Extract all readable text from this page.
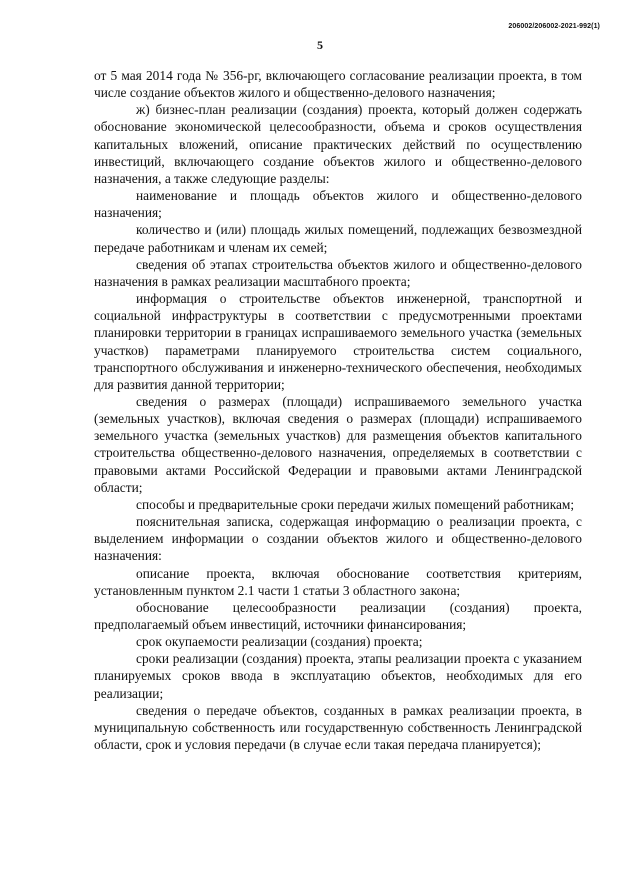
206002/206002-2021-992(1)
5

от 5 мая 2014 года № 356-рг, включающего согласование реализации проекта, в том числе создание объектов жилого и общественно-делового назначения;

ж) бизнес-план реализации (создания) проекта, который должен содержать обоснование экономической целесообразности, объема и сроков осуществления капитальных вложений, описание практических действий по осуществлению инвестиций, включающего создание объектов жилого и общественно-делового назначения, а также следующие разделы:

наименование и площадь объектов жилого и общественно-делового назначения;

количество и (или) площадь жилых помещений, подлежащих безвозмездной передаче работникам и членам их семей;

сведения об этапах строительства объектов жилого и общественно-делового назначения в рамках реализации масштабного проекта;

информация о строительстве объектов инженерной, транспортной и социальной инфраструктуры в соответствии с предусмотренными проектами планировки территории в границах испрашиваемого земельного участка (земельных участков) параметрами планируемого строительства систем социального, транспортного обслуживания и инженерно-технического обеспечения, необходимых для развития данной территории;

сведения о размерах (площади) испрашиваемого земельного участка (земельных участков), включая сведения о размерах (площади) испрашиваемого земельного участка (земельных участков) для размещения объектов капитального строительства общественно-делового назначения, определяемых в соответствии с правовыми актами Российской Федерации и правовыми актами Ленинградской области;

способы и предварительные сроки передачи жилых помещений работникам;

пояснительная записка, содержащая информацию о реализации проекта, с выделением информации о создании объектов жилого и общественно-делового назначения:

описание проекта, включая обоснование соответствия критериям, установленным пунктом 2.1 части 1 статьи 3 областного закона;

обоснование целесообразности реализации (создания) проекта, предполагаемый объем инвестиций, источники финансирования;

срок окупаемости реализации (создания) проекта;

сроки реализации (создания) проекта, этапы реализации проекта с указанием планируемых сроков ввода в эксплуатацию объектов, необходимых для его реализации;

сведения о передаче объектов, созданных в рамках реализации проекта, в муниципальную собственность или государственную собственность Ленинградской области, срок и условия передачи (в случае если такая передача планируется);
